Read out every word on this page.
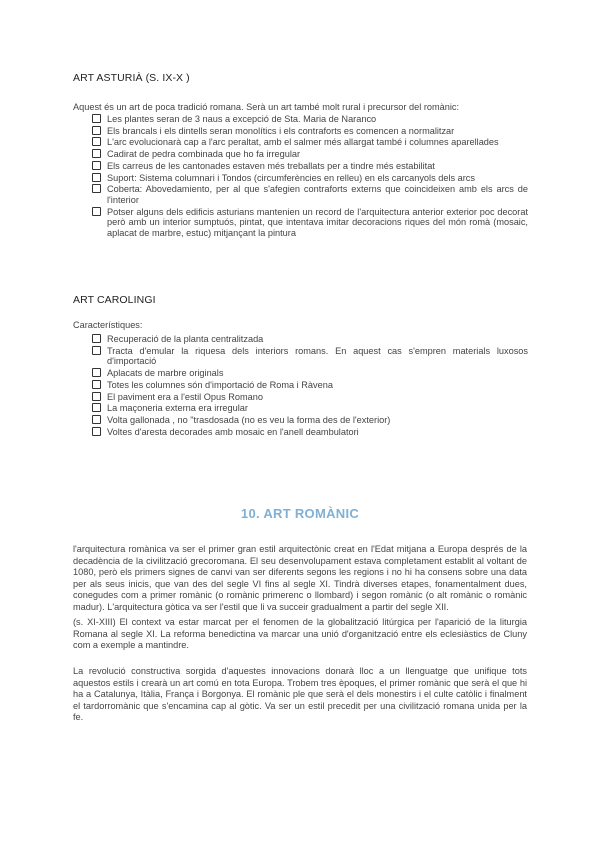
ART ASTURIÀ (S. IX-X )
Aquest és un art de poca tradició romana. Serà un art també molt rural i precursor del romànic:
Les plantes seran de 3 naus a excepció de Sta. Maria de Naranco
Els brancals i els dintells seran monolítics i els contraforts es comencen a normalitzar
L'arc evolucionarà cap a l'arc peraltat, amb el salmer més allargat també i columnes aparellades
Cadirat de pedra combinada que ho fa irregular
Els carreus de les cantonades estaven més treballats per a tindre més estabilitat
Suport: Sistema columnari i Tondos (circumferències en relleu) en els carcanyols dels arcs
Coberta: Abovedamiento, per al que s'afegien contraforts externs que coincideixen amb els arcs de l'interior
Potser alguns dels edificis asturians mantenien un record de l'arquitectura anterior exterior poc decorat però amb un interior sumptuós, pintat, que intentava imitar decoracions riques del món romà (mosaic, aplacat de marbre, estuc) mitjançant la pintura
ART CAROLINGI
Característiques:
Recuperació de la planta centralitzada
Tracta d'emular la riquesa dels interiors romans. En aquest cas s'empren materials luxosos d'importació
Aplacats de marbre originals
Totes les columnes són d'importació de Roma i Ràvena
El paviment era a l'estil Opus Romano
La maçoneria externa era irregular
Volta gallonada , no "trasdosada (no es veu la forma des de l'exterior)
Voltes d'aresta decorades amb mosaic en l'anell deambulatori
10. ART ROMÀNIC
l'arquitectura romànica va ser el primer gran estil arquitectònic creat en l'Edat mitjana a Europa després de la decadència de la civilització grecoromana. El seu desenvolupament estava completament establit al voltant de 1080, però els primers signes de canvi van ser diferents segons les regions i no hi ha consens sobre una data per als seus inicis, que van des del segle VI fins al segle XI. Tindrà diverses etapes, fonamentalment dues, conegudes com a primer romànic (o romànic primerenc o llombard) i segon romànic (o alt romànic o romànic madur). L'arquitectura gòtica va ser l'estil que li va succeir gradualment a partir del segle XII.
(s. XI-XIII) El context va estar marcat per el fenomen de la globalització litúrgica per l'aparició de la liturgia Romana al segle XI. La reforma benedictina va marcar una unió d'organització entre els eclesiàstics de Cluny com a exemple a mantindre.
La revolució constructiva sorgida d'aquestes innovacions donarà lloc a un llenguatge que unifique tots aquestos estils i crearà un art comú en tota Europa. Trobem tres èpoques, el primer romànic que serà el que hi ha a Catalunya, Itàlia, França i Borgonya. El romànic ple que serà el dels monestirs i el culte catòlic i finalment el tardorromànic que s'encamina cap al gòtic. Va ser un estil precedit per una civilització romana unida per la fe.
